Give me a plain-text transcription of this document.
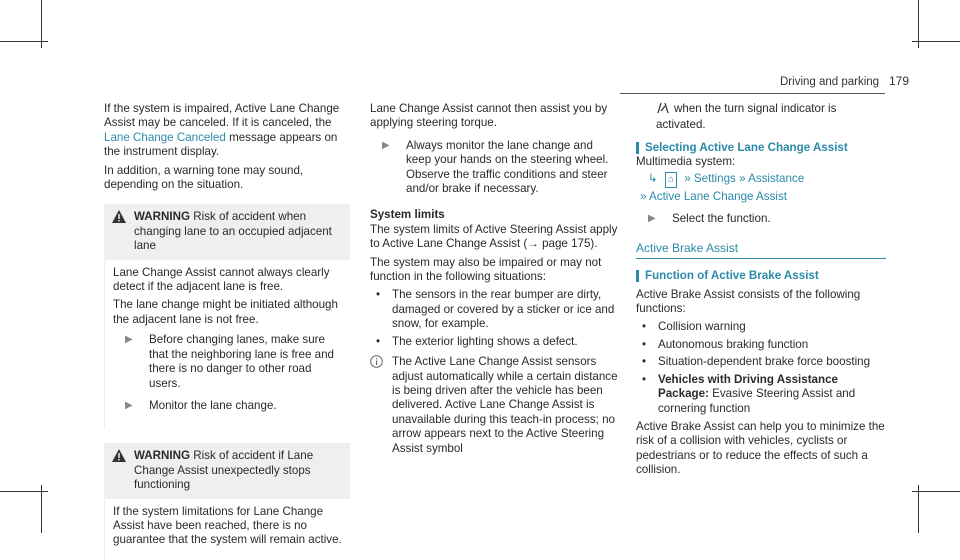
Driving and parking 179

If the system is impaired, Active Lane Change Assist may be canceled. If it is canceled, the Lane Change Canceled message appears on the instrument display.

In addition, a warning tone may sound, depending on the situation.

WARNING Risk of accident when changing lane to an occupied adjacent lane

Lane Change Assist cannot always clearly detect if the adjacent lane is free.

The lane change might be initiated although the adjacent lane is not free.

▶	Before changing lanes, make sure that the neighboring lane is free and there is no danger to other road users.
▶	Monitor the lane change.
WARNING Risk of accident if Lane Change Assist unexpectedly stops functioning

If the system limitations for Lane Change Assist have been reached, there is no guarantee that the system will remain active.

Lane Change Assist cannot then assist you by applying steering torque.

▶	Always monitor the lane change and keep your hands on the steering wheel. Observe the traffic conditions and steer and/or brake if necessary.
System limits

The system limits of Active Steering Assist apply to Active Lane Change Assist (→ page 175).

The system may also be impaired or may not function in the following situations:

•	The sensors in the rear bumper are dirty, damaged or covered by a sticker or ice and snow, for example.
•	The exterior lighting shows a defect.
The Active Lane Change Assist sensors adjust automatically while a certain distance is being driven after the vehicle has been delivered. Active Lane Change Assist is unavailable during this teach-in process; no arrow appears next to the Active Steering Assist symbol

when the turn signal indicator is activated.

Selecting Active Lane Change Assist

Multimedia system:

↳ ⌂ » Settings » Assistance
» Active Lane Change Assist
▶	Select the function.
Active Brake Assist
Function of Active Brake Assist

Active Brake Assist consists of the following functions:

•	Collision warning
•	Autonomous braking function
•	Situation-dependent brake force boosting
•	Vehicles with Driving Assistance Package: Evasive Steering Assist and cornering function

Active Brake Assist can help you to minimize the risk of a collision with vehicles, cyclists or pedestrians or to reduce the effects of such a collision.
